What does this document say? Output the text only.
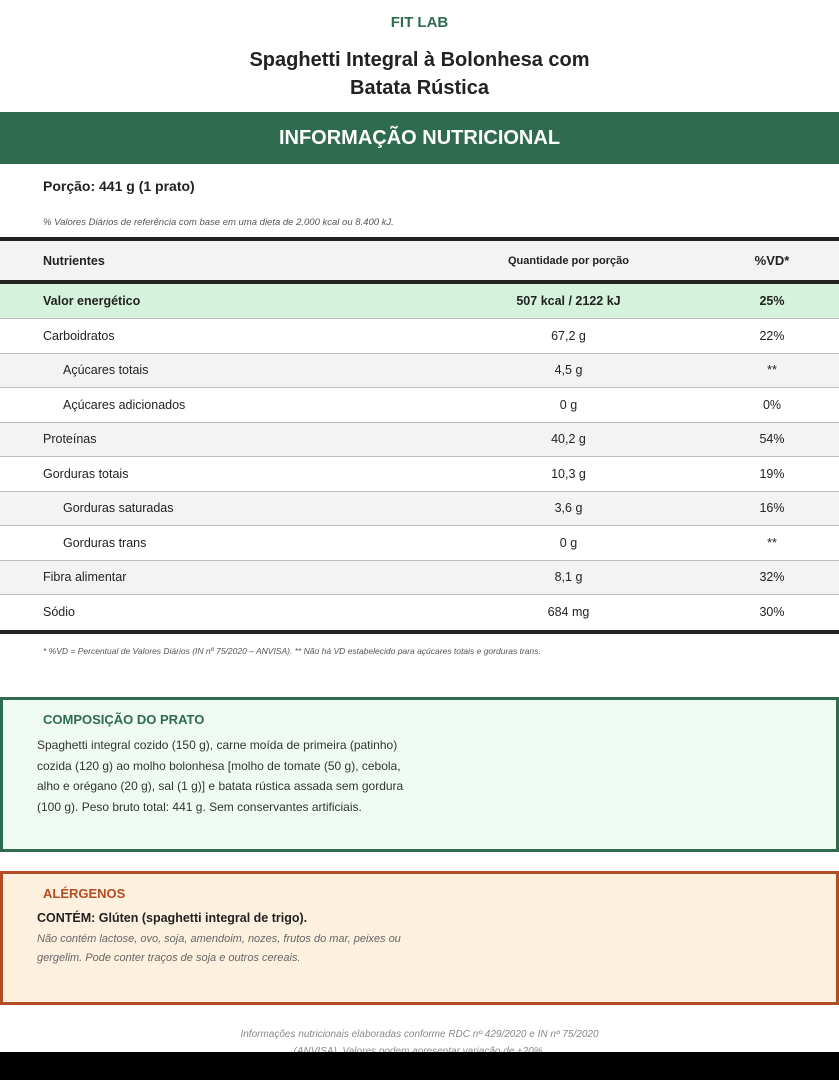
FIT LAB
Spaghetti Integral à Bolonhesa com
Batata Rústica
INFORMAÇÃO NUTRICIONAL
Porção: 441 g (1 prato)
% Valores Diários de referência com base em uma dieta de 2.000 kcal ou 8.400 kJ.
Nutrientes	Quantidade por porção	%VD*
Valor energético	507 kcal / 2122 kJ	25%
Carboidratos	67,2 g	22%
Açúcares totais	4,5 g	**
Açúcares adicionados	0 g	0%
Proteínas	40,2 g	54%
Gorduras totais	10,3 g	19%
Gorduras saturadas	3,6 g	16%
Gorduras trans	0 g	**
Fibra alimentar	8,1 g	32%
Sódio	684 mg	30%
* %VD = Percentual de Valores Diários (IN nº 75/2020 – ANVISA). ** Não há VD estabelecido para açúcares totais e gorduras trans.
COMPOSIÇÃO DO PRATO

Spaghetti integral cozido (150 g), carne moída de primeira (patinho) cozida (120 g) ao molho bolonhesa [molho de tomate (50 g), cebola, alho e orégano (20 g), sal (1 g)] e batata rústica assada sem gordura (100 g). Peso bruto total: 441 g. Sem conservantes artificiais.

ALÉRGENOS
CONTÉM: Glúten (spaghetti integral de trigo).

Não contém lactose, ovo, soja, amendoim, nozes, frutos do mar, peixes ou gergelim. Pode conter traços de soja e outros cereais.

Informações nutricionais elaboradas conforme RDC nº 429/2020 e IN nº 75/2020
